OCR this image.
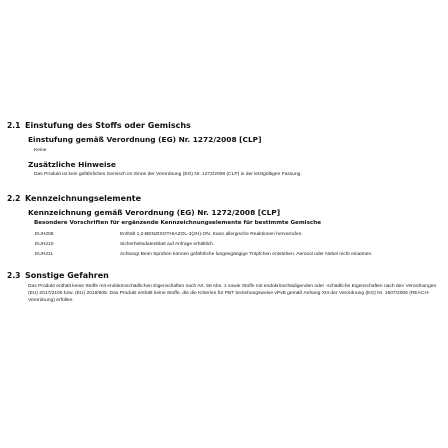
2.1 Einstufung des Stoffs oder Gemischs
Einstufung gemäß Verordnung (EG) Nr. 1272/2008 [CLP]
Keine
Zusätzliche Hinweise
Das Produkt ist kein gefährliches Gemisch im Sinne der Verordnung (EG) Nr. 1272/2008 (CLP) in der letztgültigen Fassung.
2.2 Kennzeichnungselemente
Kennzeichnung gemäß Verordnung (EG) Nr. 1272/2008 [CLP]
Besondere Vorschriften für ergänzende Kennzeichnungselemente für bestimmte Gemische
EUH208	Enthält 1,2-BENZISOTHIAZOL-3(2H)-ON. Kann allergische Reaktionen hervorrufen.
EUH210	Sicherheitsdatenblatt auf Anfrage erhältlich.
EUH211	Achtung! Beim Sprühen können gefährliche lungengängige Tröpfchen entstehen. Aerosol oder Nebel nicht einatmen.
2.3 Sonstige Gefahren
Das Produkt enthält keine Stoffe mit endokrinschädlichen Eigenschaften nach Art. 59 Abs. 1 sowie Stoffe mit endokrinschädigenden oder -schädliche Eigenschaften nach den Verordnungen (EU) 2017/2100 bzw. (EU) 2018/605. Das Produkt enthält keine Stoffe, die die Kriterien für PBT beziehungsweise vPvB gemäß Anhang XIII der Verordnung (EG) Nr. 1907/2006 (REACH-Verordnung) erfüllen.
